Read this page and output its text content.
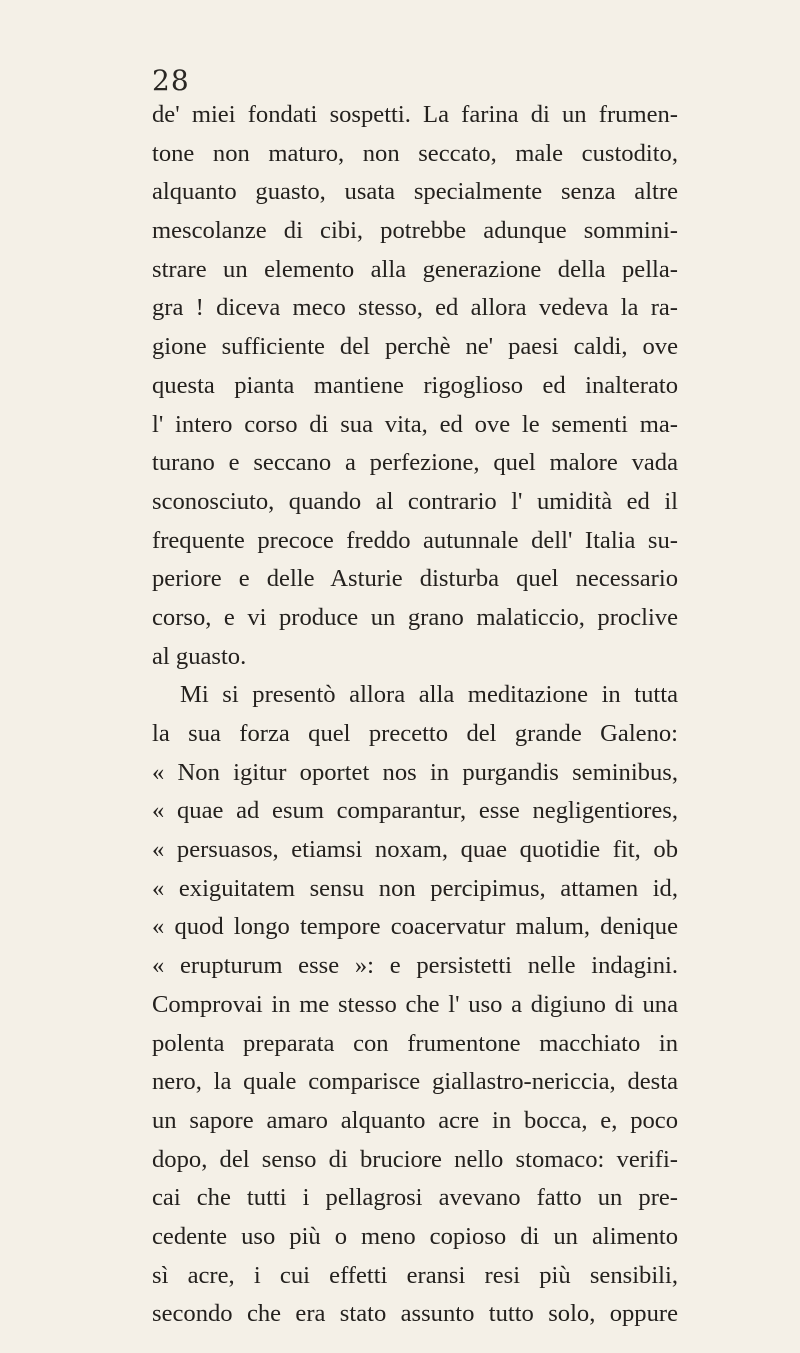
28
de' miei fondati sospetti. La farina di un frumen-
tone non maturo, non seccato, male custodito,
alquanto guasto, usata specialmente senza altre
mescolanze di cibi, potrebbe adunque sommini-
strare un elemento alla generazione della pella-
gra ! diceva meco stesso, ed allora vedeva la ra-
gione sufficiente del perchè ne' paesi caldi, ove
questa pianta mantiene rigoglioso ed inalterato
l' intero corso di sua vita, ed ove le sementi ma-
turano e seccano a perfezione, quel malore vada
sconosciuto, quando al contrario l' umidità ed il
frequente precoce freddo autunnale dell' Italia su-
periore e delle Asturie disturba quel necessario
corso, e vi produce un grano malaticcio, proclive
al guasto.
Mi si presentò allora alla meditazione in tutta
la sua forza quel precetto del grande Galeno:
« Non igitur oportet nos in purgandis seminibus,
« quae ad esum comparantur, esse negligentiores,
« persuasos, etiamsi noxam, quae quotidie fit, ob
« exiguitatem sensu non percipimus, attamen id,
« quod longo tempore coacervatur malum, denique
« erupturum esse »: e persistetti nelle indagini.
Comprovai in me stesso che l' uso a digiuno di una
polenta preparata con frumentone macchiato in
nero, la quale comparisce giallastro-nericcia, desta
un sapore amaro alquanto acre in bocca, e, poco
dopo, del senso di bruciore nello stomaco: verifi-
cai che tutti i pellagrosi avevano fatto un pre-
cedente uso più o meno copioso di un alimento
sì acre, i cui effetti eransi resi più sensibili,
secondo che era stato assunto tutto solo, oppure
